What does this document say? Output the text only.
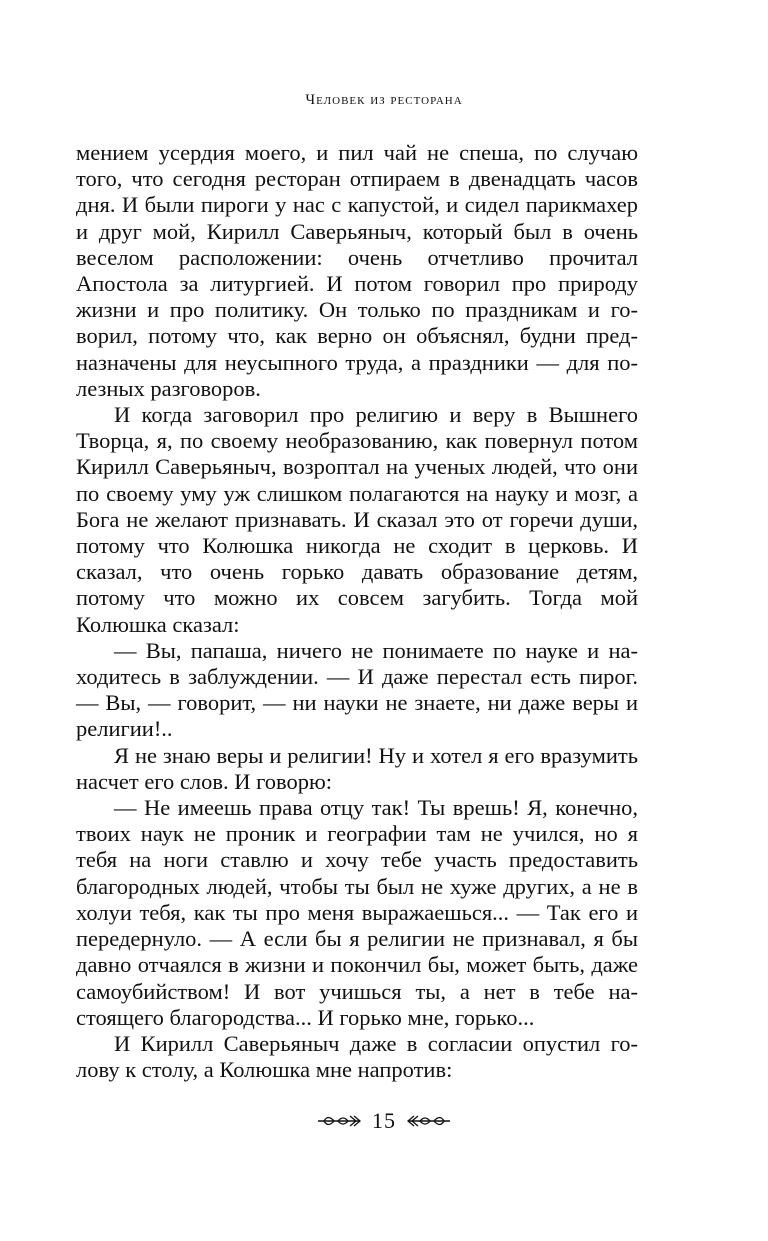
Человек из ресторана

мением усердия моего, и пил чай не спеша, по случаю того, что сегодня ресторан отпираем в двенадцать часов дня. И были пироги у нас с капустой, и сидел парикмахер и друг мой, Кирилл Саверьяныч, который был в очень веселом расположении: очень отчетливо прочитал Апостола за литургией. И потом говорил про природу жизни и про политику. Он только по праздникам и говорил, потому что, как верно он объяснял, будни предназначены для неусыпного труда, а праздники — для полезных разговоров.

И когда заговорил про религию и веру в Вышнего Творца, я, по своему необразованию, как повернул потом Кирилл Саверьяныч, возроптал на ученых людей, что они по своему уму уж слишком полагаются на науку и мозг, а Бога не желают признавать. И сказал это от горечи души, потому что Колюшка никогда не сходит в церковь. И сказал, что очень горько давать образование детям, потому что можно их совсем загубить. Тогда мой Колюшка сказал:

— Вы, папаша, ничего не понимаете по науке и находитесь в заблуждении. — И даже перестал есть пирог. — Вы, — говорит, — ни науки не знаете, ни даже веры и религии!..

Я не знаю веры и религии! Ну и хотел я его вразумить насчет его слов. И говорю:

— Не имеешь права отцу так! Ты врешь! Я, конечно, твоих наук не проник и географии там не учился, но я тебя на ноги ставлю и хочу тебе участь предоставить благородных людей, чтобы ты был не хуже других, а не в холуи тебя, как ты про меня выражаешься... — Так его и передернуло. — А если бы я религии не признавал, я бы давно отчаялся в жизни и покончил бы, может быть, даже самоубийством! И вот учишься ты, а нет в тебе настоящего благородства... И горько мне, горько...

И Кирилл Саверьяныч даже в согласии опустил голову к столу, а Колюшка мне напротив:

15
